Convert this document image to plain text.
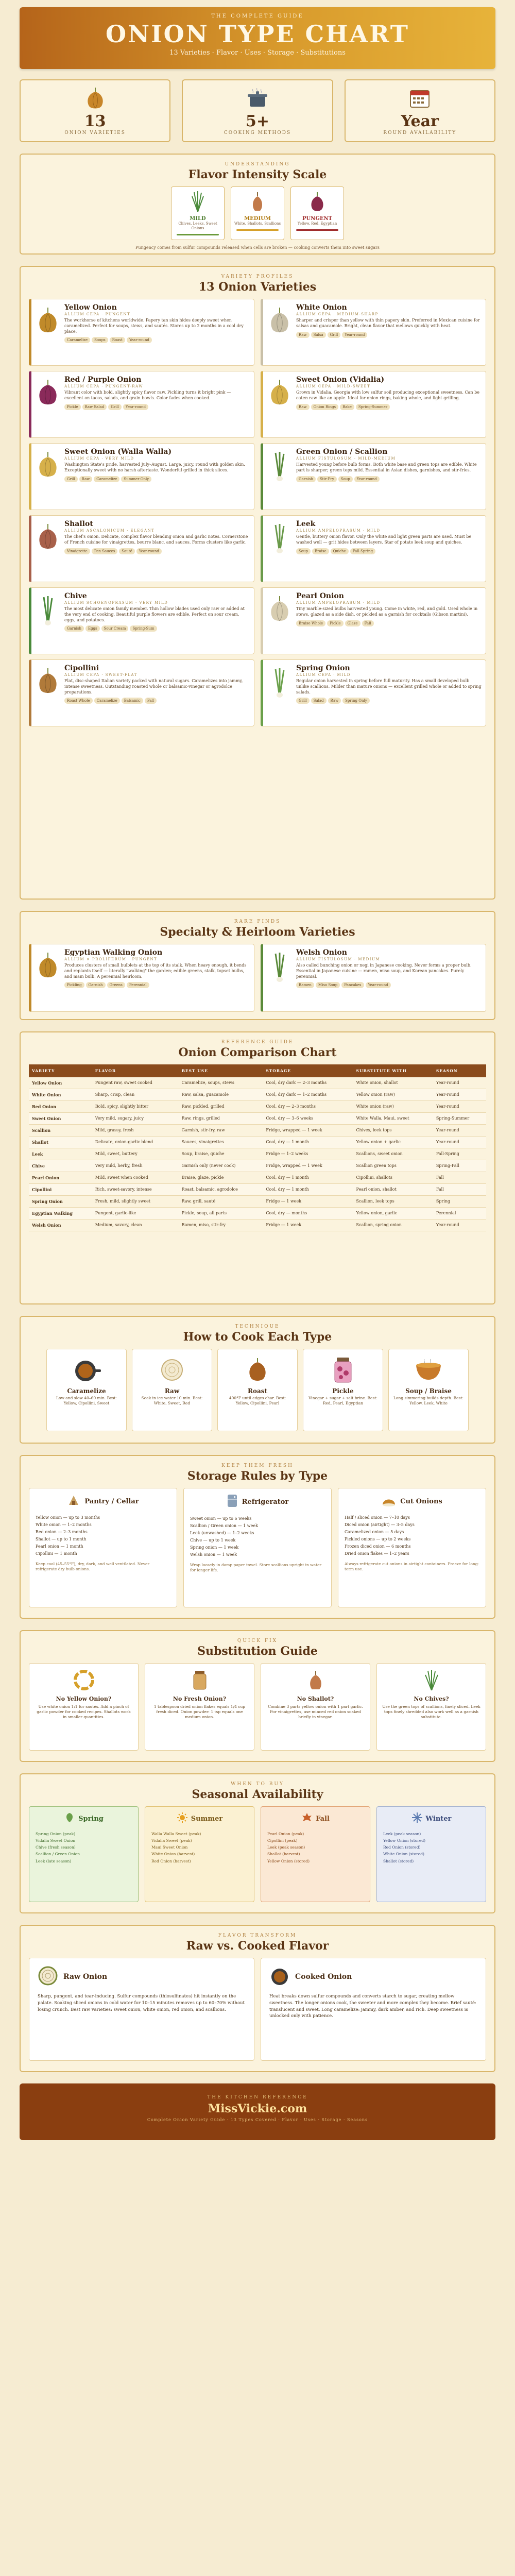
THE COMPLETE GUIDE
ONION TYPE CHART
13 Varieties · Flavor · Uses · Storage · Substitutions
13
ONION VARIETIES
5+
COOKING METHODS
Year
ROUND AVAILABILITY
UNDERSTANDING
Flavor Intensity Scale
MILD
Chives, Leeks, Sweet Onions
MEDIUM
White, Shallots, Scallions
PUNGENT
Yellow, Red, Egyptian
Pungency comes from sulfur compounds released when cells are broken — cooking converts them into sweet sugars
VARIETY PROFILES
13 Onion Varieties
Yellow Onion
ALLIUM CEPA · PUNGENT
The workhorse of kitchens worldwide. Papery tan skin hides deeply sweet when caramelized. Perfect for soups, stews, and sautés. Stores up to 2 months in a cool dry place.
Caramelize	Soups	Roast	Year-round
White Onion
ALLIUM CEPA · MEDIUM-SHARP
Sharper and crisper than yellow with thin papery skin. Preferred in Mexican cuisine for salsas and guacamole. Bright, clean flavor that mellows quickly with heat.
Raw	Salsa	Grill	Year-round
Red / Purple Onion
ALLIUM CEPA · PUNGENT-RAW
Vibrant color with bold, slightly spicy flavor raw. Pickling turns it bright pink — excellent on tacos, salads, and grain bowls. Color fades when cooked.
Pickle	Raw Salad	Grill	Year-round
Sweet Onion (Vidalia)
ALLIUM CEPA · MILD-SWEET
Grown in Vidalia, Georgia with low sulfur soil producing exceptional sweetness. Can be eaten raw like an apple. Ideal for onion rings, baking whole, and light grilling.
Raw	Onion Rings	Bake	Spring-Summer
Sweet Onion (Walla Walla)
ALLIUM CEPA · VERY MILD
Washington State's pride, harvested July–August. Large, juicy, round with golden skin. Exceptionally sweet with no harsh aftertaste. Wonderful grilled in thick slices.
Grill	Raw	Caramelize	Summer Only
Green Onion / Scallion
ALLIUM FISTULOSUM · MILD-MEDIUM
Harvested young before bulb forms. Both white base and green tops are edible. White part is sharper; green tops mild. Essential in Asian dishes, garnishes, and stir-fries.
Garnish	Stir-Fry	Soup	Year-round
Shallot
ALLIUM ASCALONICUM · ELEGANT
The chef's onion. Delicate, complex flavor blending onion and garlic notes. Cornerstone of French cuisine for vinaigrettes, beurre blanc, and sauces. Forms clusters like garlic.
Vinaigrette	Pan Sauces	Sauté	Year-round
Leek
ALLIUM AMPELOPRASUM · MILD
Gentle, buttery onion flavor. Only the white and light green parts are used. Must be washed well — grit hides between layers. Star of potato leek soup and quiches.
Soup	Braise	Quiche	Fall-Spring
Chive
ALLIUM SCHOENOPRASUM · VERY MILD
The most delicate onion family member. Thin hollow blades used only raw or added at the very end of cooking. Beautiful purple flowers are edible. Perfect on sour cream, eggs, and potatoes.
Garnish	Eggs	Sour Cream	Spring-Sum
Pearl Onion
ALLIUM AMPELOPRASUM · MILD
Tiny marble-sized bulbs harvested young. Come in white, red, and gold. Used whole in stews, glazed as a side dish, or pickled as a garnish for cocktails (Gibson martini).
Braise Whole	Pickle	Glaze	Fall
Cipollini
ALLIUM CEPA · SWEET-FLAT
Flat, disc-shaped Italian variety packed with natural sugars. Caramelizes into jammy, intense sweetness. Outstanding roasted whole or balsamic-vinegar or agrodolce preparations.
Roast Whole	Caramelize	Balsamic	Fall
Spring Onion
ALLIUM CEPA · MILD
Regular onion harvested in spring before full maturity. Has a small developed bulb unlike scallions. Milder than mature onions — excellent grilled whole or added to spring salads.
Grill	Salad	Raw	Spring Only
RARE FINDS
Specialty & Heirloom Varieties
Egyptian Walking Onion
ALLIUM × PROLIFERUM · PUNGENT
Produces clusters of small bulblets at the top of its stalk. When heavy enough, it bends and replants itself — literally "walking" the garden; edible greens, stalk, topset bulbs, and main bulb. A perennial heirloom.
Pickling	Garnish	Greens	Perennial
Welsh Onion
ALLIUM FISTULOSUM · MEDIUM
Also called bunching onion or negi in Japanese cooking. Never forms a proper bulb. Essential in Japanese cuisine — ramen, miso soup, and Korean pancakes. Purely perennial.
Ramen	Miso Soup	Pancakes	Year-round
REFERENCE GUIDE
Onion Comparison Chart
VARIETY	FLAVOR	BEST USE	STORAGE	SUBSTITUTE WITH	SEASON
Yellow Onion	Pungent raw, sweet cooked	Caramelize, soups, stews	Cool, dry dark — 2–3 months	White onion, shallot	Year-round
White Onion	Sharp, crisp, clean	Raw, salsa, guacamole	Cool, dry dark — 1–2 months	Yellow onion (raw)	Year-round
Red Onion	Bold, spicy, slightly bitter	Raw, pickled, grilled	Cool, dry — 2–3 months	White onion (raw)	Year-round
Sweet Onion	Very mild, sugary, juicy	Raw, rings, grilled	Cool, dry — 3–6 weeks	White Walla, Maui, sweet	Spring-Summer
Scallion	Mild, grassy, fresh	Garnish, stir-fry, raw	Fridge, wrapped — 1 week	Chives, leek tops	Year-round
Shallot	Delicate, onion-garlic blend	Sauces, vinaigrettes	Cool, dry — 1 month	Yellow onion + garlic	Year-round
Leek	Mild, sweet, buttery	Soup, braise, quiche	Fridge — 1–2 weeks	Scallions, sweet onion	Fall-Spring
Chive	Very mild, herby, fresh	Garnish only (never cook)	Fridge, wrapped — 1 week	Scallion green tops	Spring-Fall
Pearl Onion	Mild, sweet when cooked	Braise, glaze, pickle	Cool, dry — 1 month	Cipollini, shallots	Fall
Cipollini	Rich, sweet-savory, intense	Roast, balsamic, agrodolce	Cool, dry — 1 month	Pearl onion, shallot	Fall
Spring Onion	Fresh, mild, slightly sweet	Raw, grill, sauté	Fridge — 1 week	Scallion, leek tops	Spring
Egyptian Walking	Pungent, garlic-like	Pickle, soup, all parts	Cool, dry — months	Yellow onion, garlic	Perennial
Welsh Onion	Medium, savory, clean	Ramen, miso, stir-fry	Fridge — 1 week	Scallion, spring onion	Year-round
TECHNIQUE
How to Cook Each Type
Caramelize
Low and slow 40–60 min. Best: Yellow, Cipollini, Sweet
Raw
Soak in ice water 10 min. Best: White, Sweet, Red
Roast
400°F until edges char. Best: Yellow, Cipollini, Pearl
Pickle
Vinegar + sugar + salt brine. Best: Red, Pearl, Egyptian
Soup / Braise
Long simmering builds depth. Best: Yellow, Leek, White
KEEP THEM FRESH
Storage Rules by Type
Pantry / Cellar
Yellow onion — up to 3 months
White onion — 1–2 months
Red onion — 2–3 months
Shallot — up to 1 month
Pearl onion — 1 month
Cipollini — 1 month
Keep cool (45–55°F), dry, dark, and well ventilated. Never refrigerate dry bulb onions.
Refrigerator
Sweet onion — up to 6 weeks
Scallion / Green onion — 1 week
Leek (unwashed) — 1–2 weeks
Chive — up to 1 week
Spring onion — 1 week
Welsh onion — 1 week
Wrap loosely in damp paper towel. Store scallions upright in water for longer life.
Cut Onions
Half / sliced onion — 7–10 days
Diced onion (airtight) — 3–5 days
Caramelized onion — 5 days
Pickled onions — up to 2 weeks
Frozen diced onion — 6 months
Dried onion flakes — 1–2 years
Always refrigerate cut onions in airtight containers. Freeze for long-term use.
QUICK FIX
Substitution Guide
No Yellow Onion?
Use white onion 1:1 for sautés. Add a pinch of garlic powder for cooked recipes. Shallots work in smaller quantities.
No Fresh Onion?
1 tablespoon dried onion flakes equals 1/4 cup fresh diced. Onion powder: 1 tsp equals one medium onion.
No Shallot?
Combine 3 parts yellow onion with 1 part garlic. For vinaigrettes, use minced red onion soaked briefly in vinegar.
No Chives?
Use the green tops of scallions, finely sliced. Leek tops finely shredded also work well as a garnish substitute.
WHEN TO BUY
Seasonal Availability
Spring
Spring Onion (peak)
Vidalia Sweet Onion
Chive (fresh season)
Scallion / Green Onion
Leek (late season)
Summer
Walla Walla Sweet (peak)
Vidalia Sweet (peak)
Maui Sweet Onion
White Onion (harvest)
Red Onion (harvest)
Fall
Pearl Onion (peak)
Cipollini (peak)
Leek (peak season)
Shallot (harvest)
Yellow Onion (stored)
Winter
Leek (peak season)
Yellow Onion (stored)
Red Onion (stored)
White Onion (stored)
Shallot (stored)
FLAVOR TRANSFORM
Raw vs. Cooked Flavor
Raw Onion
Sharp, pungent, and tear-inducing. Sulfur compounds (thiosulfinates) hit instantly on the palate. Soaking sliced onions in cold water for 10–15 minutes removes up to 60–70% without losing crunch. Best raw varieties: sweet onion, white onion, red onion, and scallions.
Cooked Onion
Heat breaks down sulfur compounds and converts starch to sugar, creating mellow sweetness. The longer onions cook, the sweeter and more complex they become. Brief sauté: translucent and sweet. Long caramelize: jammy, dark amber, and rich. Deep sweetness is unlocked only with patience.
THE KITCHEN REFERENCE
MissVickie.com
Complete Onion Variety Guide · 13 Types Covered · Flavor · Uses · Storage · Seasons
